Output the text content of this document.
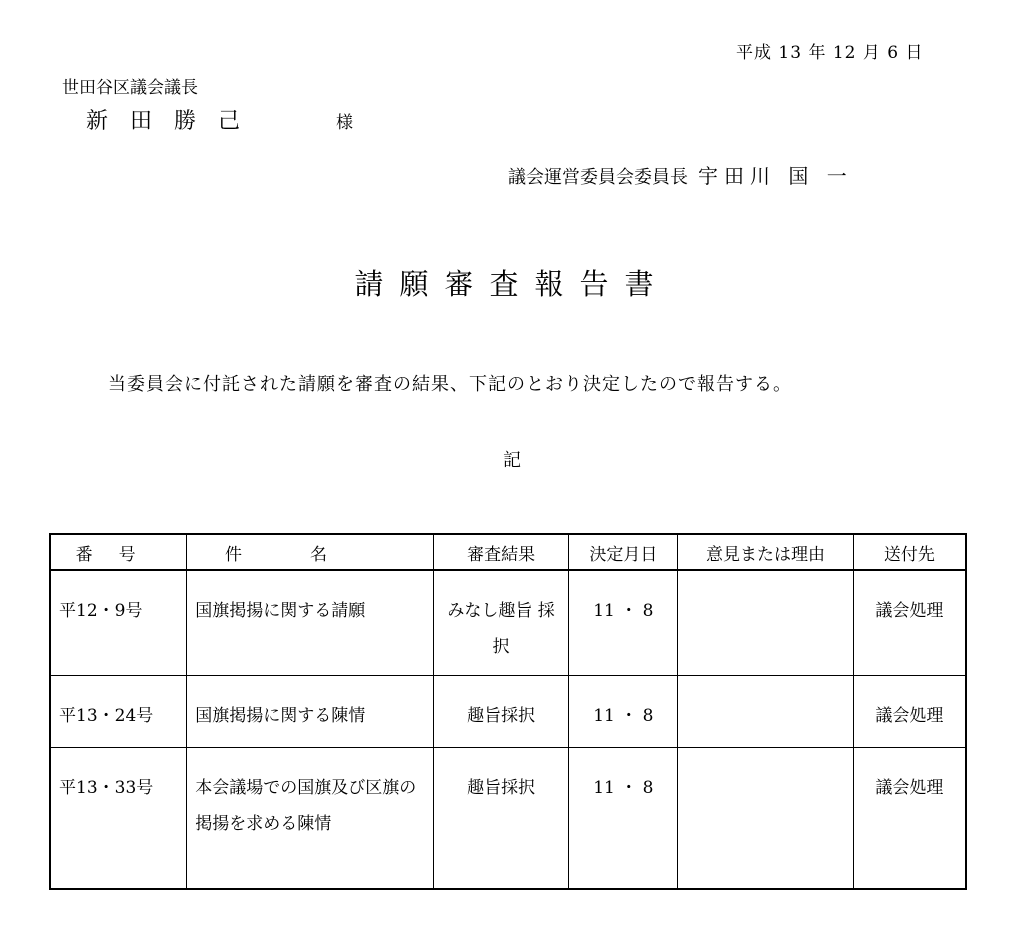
平成 13 年 12 月 6 日
世田谷区議会議長
新田勝己	様
議会運営委員会委員長 宇田川 国 一
請願審査報告書
当委員会に付託された請願を審査の結果、下記のとおり決定したので報告する。
記
番号	件名	審査結果	決定月日	意見または理由	送付先
平12・9号	国旗掲揚に関する請願	みなし趣旨 採　　択	11 ・ 8		議会処理
平13・24号	国旗掲揚に関する陳情	趣旨採択	11 ・ 8		議会処理
平13・33号	本会議場での国旗及び区旗の掲揚を求める陳情	趣旨採択	11 ・ 8		議会処理
